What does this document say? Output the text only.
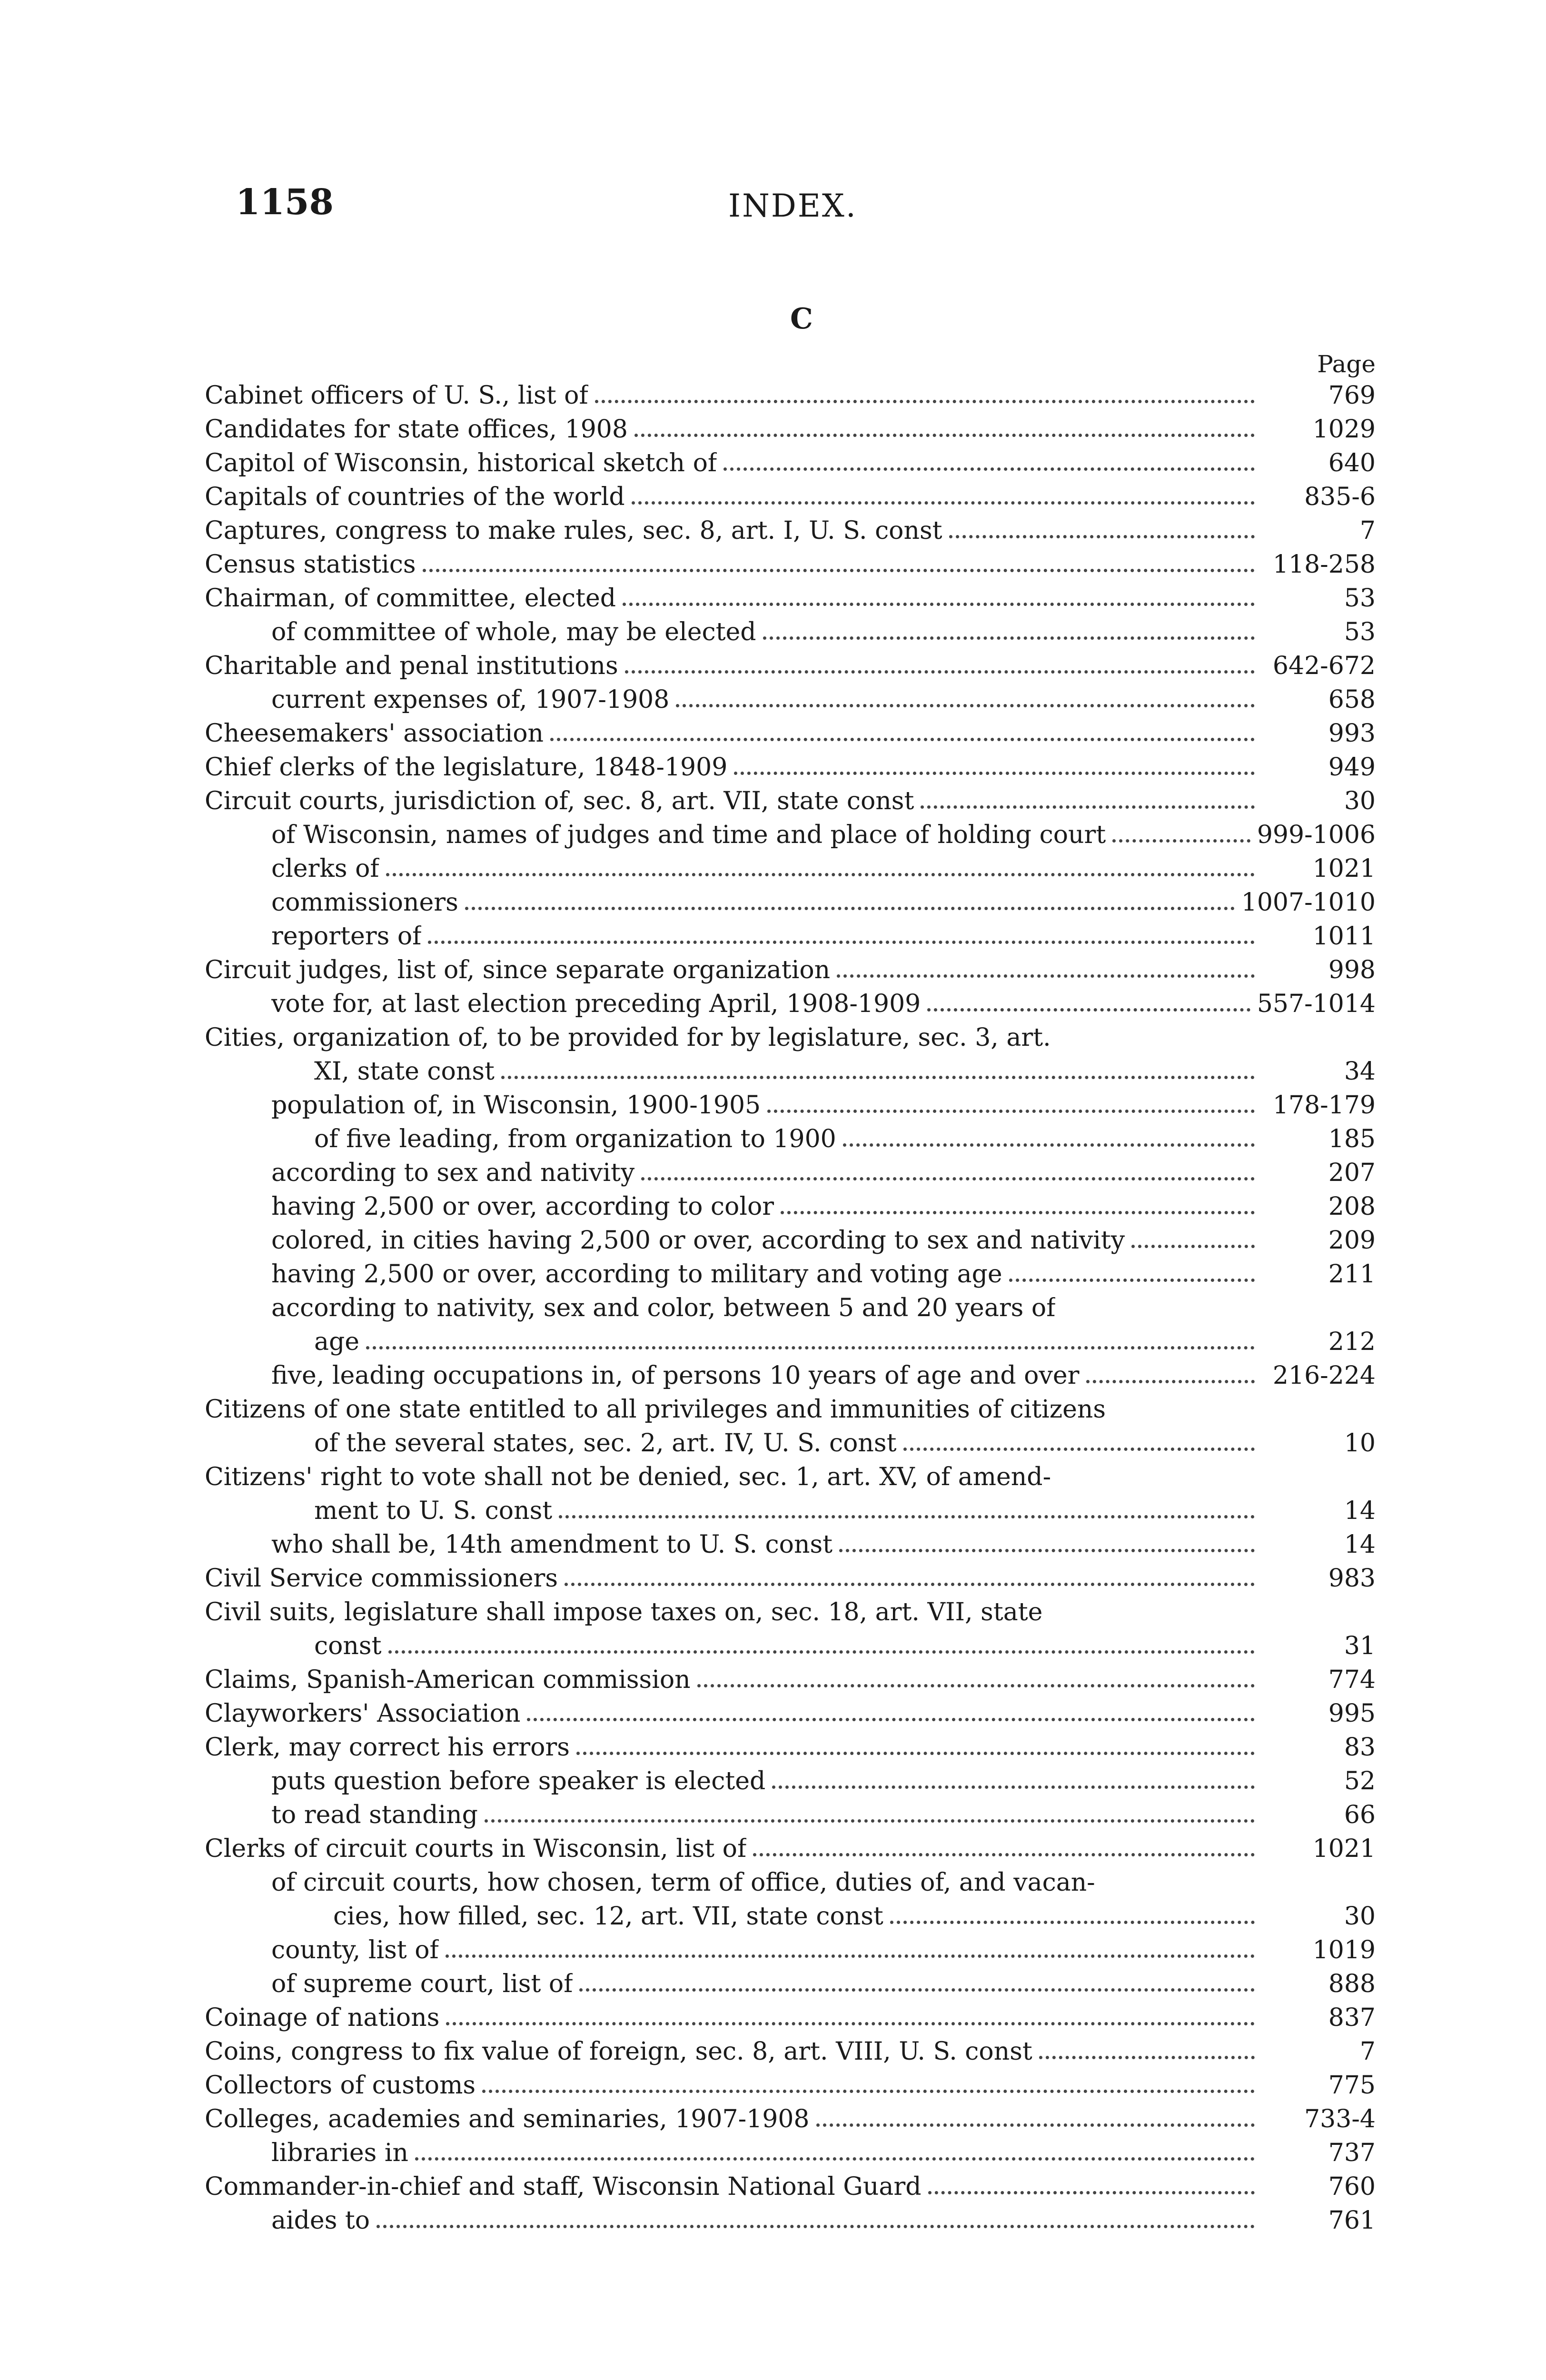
1158	INDEX.
C
Page
Cabinet officers of U. S., list of	769
Candidates for state offices, 1908	1029
Capitol of Wisconsin, historical sketch of	640
Capitals of countries of the world	835-6
Captures, congress to make rules, sec. 8, art. I, U. S. const	7
Census statistics	118-258
Chairman, of committee, elected	53
of committee of whole, may be elected	53
Charitable and penal institutions	642-672
current expenses of, 1907-1908	658
Cheesemakers' association	993
Chief clerks of the legislature, 1848-1909	949
Circuit courts, jurisdiction of, sec. 8, art. VII, state const	30
of Wisconsin, names of judges and time and place of holding court	999-1006
clerks of	1021
commissioners	1007-1010
reporters of	1011
Circuit judges, list of, since separate organization	998
vote for, at last election preceding April, 1908-1909	557-1014
Cities, organization of, to be provided for by legislature, sec. 3, art.
XI, state const	34
population of, in Wisconsin, 1900-1905	178-179
of five leading, from organization to 1900	185
according to sex and nativity	207
having 2,500 or over, according to color	208
colored, in cities having 2,500 or over, according to sex and nativity	209
having 2,500 or over, according to military and voting age	211
according to nativity, sex and color, between 5 and 20 years of
age	212
five, leading occupations in, of persons 10 years of age and over	216-224
Citizens of one state entitled to all privileges and immunities of citizens
of the several states, sec. 2, art. IV, U. S. const	10
Citizens' right to vote shall not be denied, sec. 1, art. XV, of amend-
ment to U. S. const	14
who shall be, 14th amendment to U. S. const	14
Civil Service commissioners	983
Civil suits, legislature shall impose taxes on, sec. 18, art. VII, state
const	31
Claims, Spanish-American commission	774
Clayworkers' Association	995
Clerk, may correct his errors	83
puts question before speaker is elected	52
to read standing	66
Clerks of circuit courts in Wisconsin, list of	1021
of circuit courts, how chosen, term of office, duties of, and vacan-
cies, how filled, sec. 12, art. VII, state const	30
county, list of	1019
of supreme court, list of	888
Coinage of nations	837
Coins, congress to fix value of foreign, sec. 8, art. VIII, U. S. const	7
Collectors of customs	775
Colleges, academies and seminaries, 1907-1908	733-4
libraries in	737
Commander-in-chief and staff, Wisconsin National Guard	760
aides to	761
